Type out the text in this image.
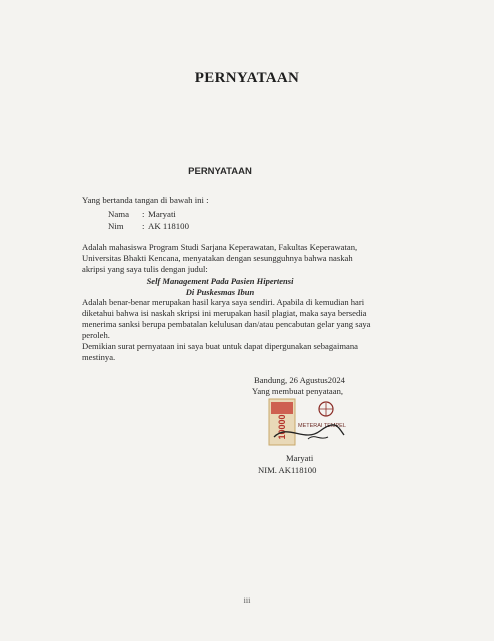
PERNYATAAN
PERNYATAAN
Yang bertanda tangan di bawah ini :
Nama : Maryati
Nim : AK 118100
Adalah mahasiswa Program Studi Sarjana Keperawatan, Fakultas Keperawatan,
Universitas Bhakti Kencana, menyatakan dengan sesungguhnya bahwa naskah
akripsi yang saya tulis dengan judul:
Self Management Pada Pasien Hipertensi
Di Puskesmas Ibun
Adalah benar-benar merupakan hasil karya saya sendiri. Apabila di kemudian hari
diketahui bahwa isi naskah skripsi ini merupakan hasil plagiat, maka saya bersedia
menerima sanksi berupa pembatalan kelulusan dan/atau pencabutan gelar yang saya
peroleh.
Demikian surat pernyataan ini saya buat untuk dapat dipergunakan sebagaimana
mestinya.
Bandung, 26 Agustus2024
Yang membuat penyataan,
10000 METERAI TEMPEL
Maryati
NIM. AK118100
iii
